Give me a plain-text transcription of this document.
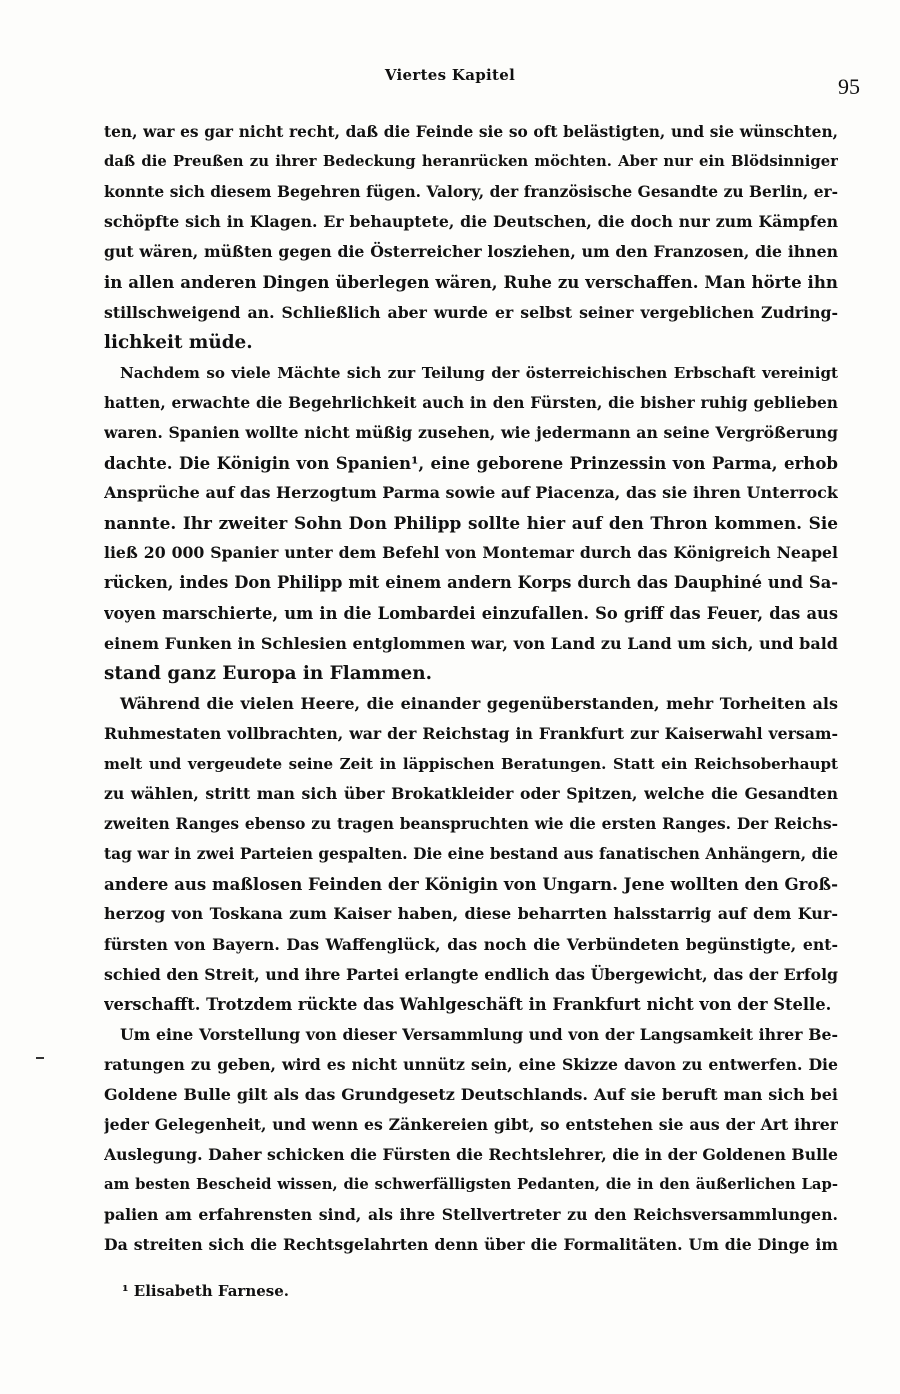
Viertes Kapitel	95
ten, war es gar nicht recht, daß die Feinde sie so oft belästigten, und sie wünschten,
daß die Preußen zu ihrer Bedeckung heranrücken möchten. Aber nur ein Blödsinniger
konnte sich diesem Begehren fügen. Valory, der französische Gesandte zu Berlin, er-
schöpfte sich in Klagen. Er behauptete, die Deutschen, die doch nur zum Kämpfen
gut wären, müßten gegen die Österreicher losziehen, um den Franzosen, die ihnen
in allen anderen Dingen überlegen wären, Ruhe zu verschaffen. Man hörte ihn
stillschweigend an. Schließlich aber wurde er selbst seiner vergeblichen Zudring-
lichkeit müde.
Nachdem so viele Mächte sich zur Teilung der österreichischen Erbschaft vereinigt
hatten, erwachte die Begehrlichkeit auch in den Fürsten, die bisher ruhig geblieben
waren. Spanien wollte nicht müßig zusehen, wie jedermann an seine Vergrößerung
dachte. Die Königin von Spanien¹, eine geborene Prinzessin von Parma, erhob
Ansprüche auf das Herzogtum Parma sowie auf Piacenza, das sie ihren Unterrock
nannte. Ihr zweiter Sohn Don Philipp sollte hier auf den Thron kommen. Sie
ließ 20 000 Spanier unter dem Befehl von Montemar durch das Königreich Neapel
rücken, indes Don Philipp mit einem andern Korps durch das Dauphiné und Sa-
voyen marschierte, um in die Lombardei einzufallen. So griff das Feuer, das aus
einem Funken in Schlesien entglommen war, von Land zu Land um sich, und bald
stand ganz Europa in Flammen.
Während die vielen Heere, die einander gegenüberstanden, mehr Torheiten als
Ruhmestaten vollbrachten, war der Reichstag in Frankfurt zur Kaiserwahl versam-
melt und vergeudete seine Zeit in läppischen Beratungen. Statt ein Reichsoberhaupt
zu wählen, stritt man sich über Brokatkleider oder Spitzen, welche die Gesandten
zweiten Ranges ebenso zu tragen beanspruchten wie die ersten Ranges. Der Reichs-
tag war in zwei Parteien gespalten. Die eine bestand aus fanatischen Anhängern, die
andere aus maßlosen Feinden der Königin von Ungarn. Jene wollten den Groß-
herzog von Toskana zum Kaiser haben, diese beharrten halsstarrig auf dem Kur-
fürsten von Bayern. Das Waffenglück, das noch die Verbündeten begünstigte, ent-
schied den Streit, und ihre Partei erlangte endlich das Übergewicht, das der Erfolg
verschafft. Trotzdem rückte das Wahlgeschäft in Frankfurt nicht von der Stelle.
Um eine Vorstellung von dieser Versammlung und von der Langsamkeit ihrer Be-
ratungen zu geben, wird es nicht unnütz sein, eine Skizze davon zu entwerfen. Die
Goldene Bulle gilt als das Grundgesetz Deutschlands. Auf sie beruft man sich bei
jeder Gelegenheit, und wenn es Zänkereien gibt, so entstehen sie aus der Art ihrer
Auslegung. Daher schicken die Fürsten die Rechtslehrer, die in der Goldenen Bulle
am besten Bescheid wissen, die schwerfälligsten Pedanten, die in den äußerlichen Lap-
palien am erfahrensten sind, als ihre Stellvertreter zu den Reichsversammlungen.
Da streiten sich die Rechtsgelahrten denn über die Formalitäten. Um die Dinge im
¹ Elisabeth Farnese.
